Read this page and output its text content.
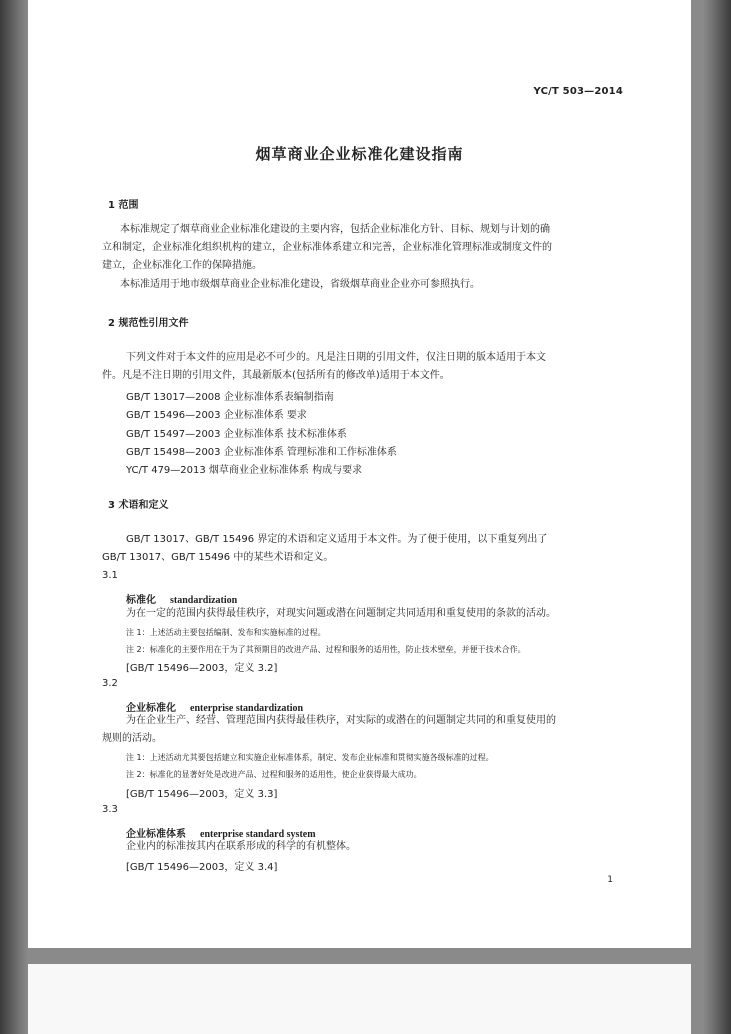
YC/T 503—2014
烟草商业企业标准化建设指南
1 范围
本标准规定了烟草商业企业标准化建设的主要内容，包括企业标准化方针、目标、规划与计划的确
立和制定，企业标准化组织机构的建立，企业标准体系建立和完善，企业标准化管理标准或制度文件的
建立，企业标准化工作的保障措施。
本标准适用于地市级烟草商业企业标准化建设，省级烟草商业企业亦可参照执行。
2 规范性引用文件
下列文件对于本文件的应用是必不可少的。凡是注日期的引用文件，仅注日期的版本适用于本文
件。凡是不注日期的引用文件，其最新版本(包括所有的修改单)适用于本文件。
GB/T 13017—2008 企业标准体系表编制指南
GB/T 15496—2003 企业标准体系 要求
GB/T 15497—2003 企业标准体系 技术标准体系
GB/T 15498—2003 企业标准体系 管理标准和工作标准体系
YC/T 479—2013 烟草商业企业标准体系 构成与要求
3 术语和定义
GB/T 13017、GB/T 15496 界定的术语和定义适用于本文件。为了便于使用，以下重复列出了
GB/T 13017、GB/T 15496 中的某些术语和定义。
3.1
标准化 standardization
为在一定的范围内获得最佳秩序，对现实问题或潜在问题制定共同适用和重复使用的条款的活动。
注 1：上述活动主要包括编制、发布和实施标准的过程。
注 2：标准化的主要作用在于为了其预期目的改进产品、过程和服务的适用性，防止技术壁垒，并便于技术合作。
[GB/T 15496—2003，定义 3.2]
3.2
企业标准化 enterprise standardization
为在企业生产、经营、管理范围内获得最佳秩序，对实际的或潜在的问题制定共同的和重复使用的
规则的活动。
注 1：上述活动尤其要包括建立和实施企业标准体系，制定、发布企业标准和贯彻实施各级标准的过程。
注 2：标准化的显著好处是改进产品、过程和服务的适用性，使企业获得最大成功。
[GB/T 15496—2003，定义 3.3]
3.3
企业标准体系 enterprise standard system
企业内的标准按其内在联系形成的科学的有机整体。
[GB/T 15496—2003，定义 3.4]
1
